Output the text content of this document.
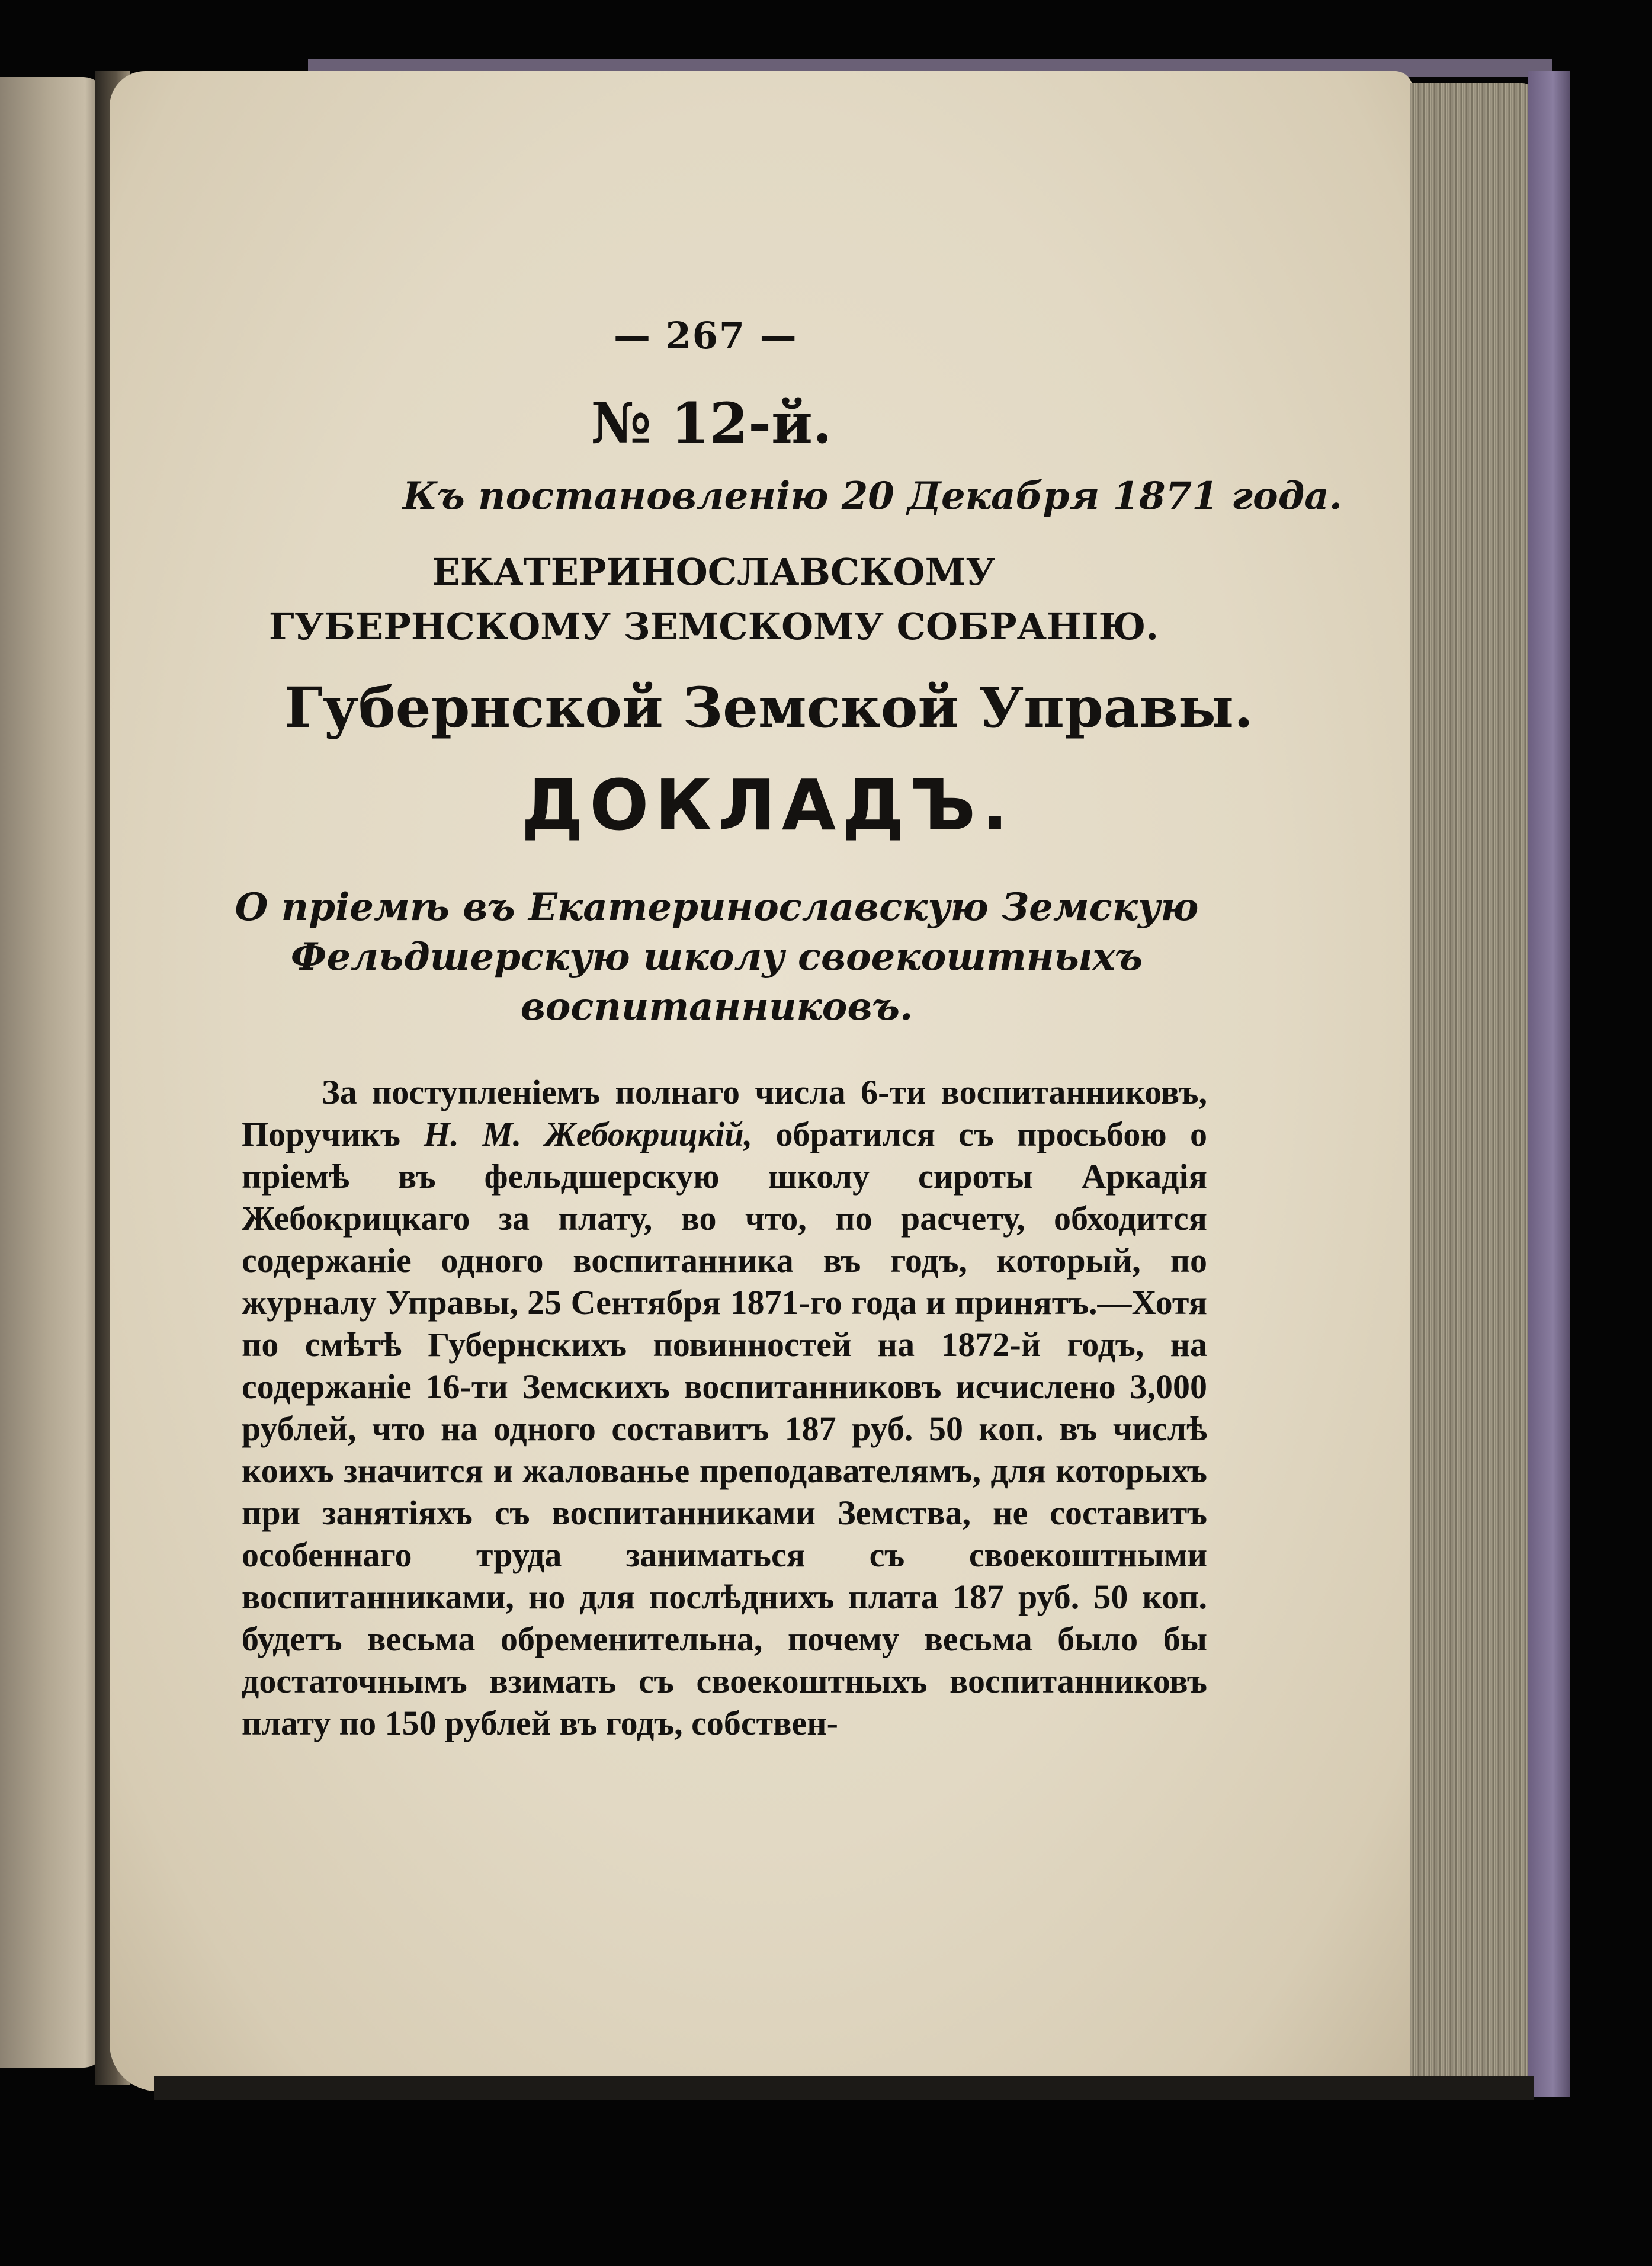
— 267 —
№ 12-й.
Къ постановленію 20 Декабря 1871 года.
ЕКАТЕРИНОСЛАВСКОМУ ГУБЕРНСКОМУ ЗЕМСКОМУ СОБРАНІЮ.
Губернской Земской Управы.
ДОКЛАДЪ.
О пріемѣ въ Екатеринославскую Земскую Фельдшерскую школу своекоштныхъ воспитанниковъ.

За поступленіемъ полнаго числа 6-ти воспитанниковъ, Поручикъ Н. М. Жебокрицкій, обратился съ просьбою о пріемѣ въ фельдшерскую школу сироты Аркадія Жебокрицкаго за плату, во что, по расчету, обходится содержаніе одного воспитанника въ годъ, который, по журналу Управы, 25 Сентября 1871-го года и принятъ.—Хотя по смѣтѣ Губернскихъ повинностей на 1872-й годъ, на содержаніе 16-ти Земскихъ воспитанниковъ исчислено 3,000 рублей, что на одного составитъ 187 руб. 50 коп. въ числѣ коихъ значится и жалованье преподавателямъ, для которыхъ при занятіяхъ съ воспитанниками Земства, не составитъ особеннаго труда заниматься съ своекоштными воспитанниками, но для послѣднихъ плата 187 руб. 50 коп. будетъ весьма обременительна, почему весьма было бы достаточнымъ взимать съ своекоштныхъ воспитанниковъ плату по 150 рублей въ годъ, собствен-
